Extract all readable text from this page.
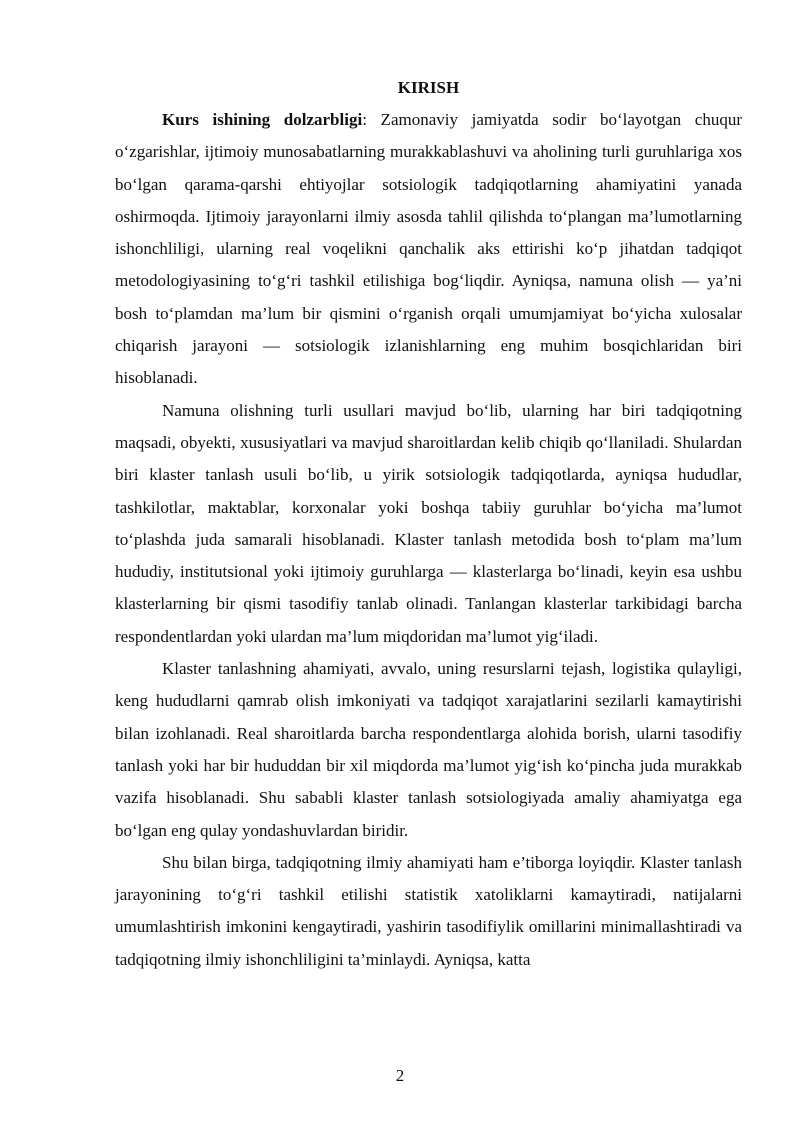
KIRISH

Kurs ishining dolzarbligi: Zamonaviy jamiyatda sodir bo‘layotgan chuqur o‘zgarishlar, ijtimoiy munosabatlarning murakkablashuvi va aholining turli guruhlariga xos bo‘lgan qarama-qarshi ehtiyojlar sotsiologik tadqiqotlarning ahamiyatini yanada oshirmoqda. Ijtimoiy jarayonlarni ilmiy asosda tahlil qilishda to‘plangan ma’lumotlarning ishonchliligi, ularning real voqelikni qanchalik aks ettirishi ko‘p jihatdan tadqiqot metodologiyasining to‘g‘ri tashkil etilishiga bog‘liqdir. Ayniqsa, namuna olish — ya’ni bosh to‘plamdan ma’lum bir qismini o‘rganish orqali umumjamiyat bo‘yicha xulosalar chiqarish jarayoni — sotsiologik izlanishlarning eng muhim bosqichlaridan biri hisoblanadi.

Namuna olishning turli usullari mavjud bo‘lib, ularning har biri tadqiqotning maqsadi, obyekti, xususiyatlari va mavjud sharoitlardan kelib chiqib qo‘llaniladi. Shulardan biri klaster tanlash usuli bo‘lib, u yirik sotsiologik tadqiqotlarda, ayniqsa hududlar, tashkilotlar, maktablar, korxonalar yoki boshqa tabiiy guruhlar bo‘yicha ma’lumot to‘plashda juda samarali hisoblanadi. Klaster tanlash metodida bosh to‘plam ma’lum hududiy, institutsional yoki ijtimoiy guruhlarga — klasterlarga bo‘linadi, keyin esa ushbu klasterlarning bir qismi tasodifiy tanlab olinadi. Tanlangan klasterlar tarkibidagi barcha respondentlardan yoki ulardan ma’lum miqdoridan ma’lumot yig‘iladi.

Klaster tanlashning ahamiyati, avvalo, uning resurslarni tejash, logistika qulayligi, keng hududlarni qamrab olish imkoniyati va tadqiqot xarajatlarini sezilarli kamaytirishi bilan izohlanadi. Real sharoitlarda barcha respondentlarga alohida borish, ularni tasodifiy tanlash yoki har bir hududdan bir xil miqdorda ma’lumot yig‘ish ko‘pincha juda murakkab vazifa hisoblanadi. Shu sababli klaster tanlash sotsiologiyada amaliy ahamiyatga ega bo‘lgan eng qulay yondashuvlardan biridir.

Shu bilan birga, tadqiqotning ilmiy ahamiyati ham e’tiborga loyiqdir. Klaster tanlash jarayonining to‘g‘ri tashkil etilishi statistik xatoliklarni kamaytiradi, natijalarni umumlashtirish imkonini kengaytiradi, yashirin tasodifiylik omillarini minimallashtiradi va tadqiqotning ilmiy ishonchliligini ta’minlaydi. Ayniqsa, katta

2
